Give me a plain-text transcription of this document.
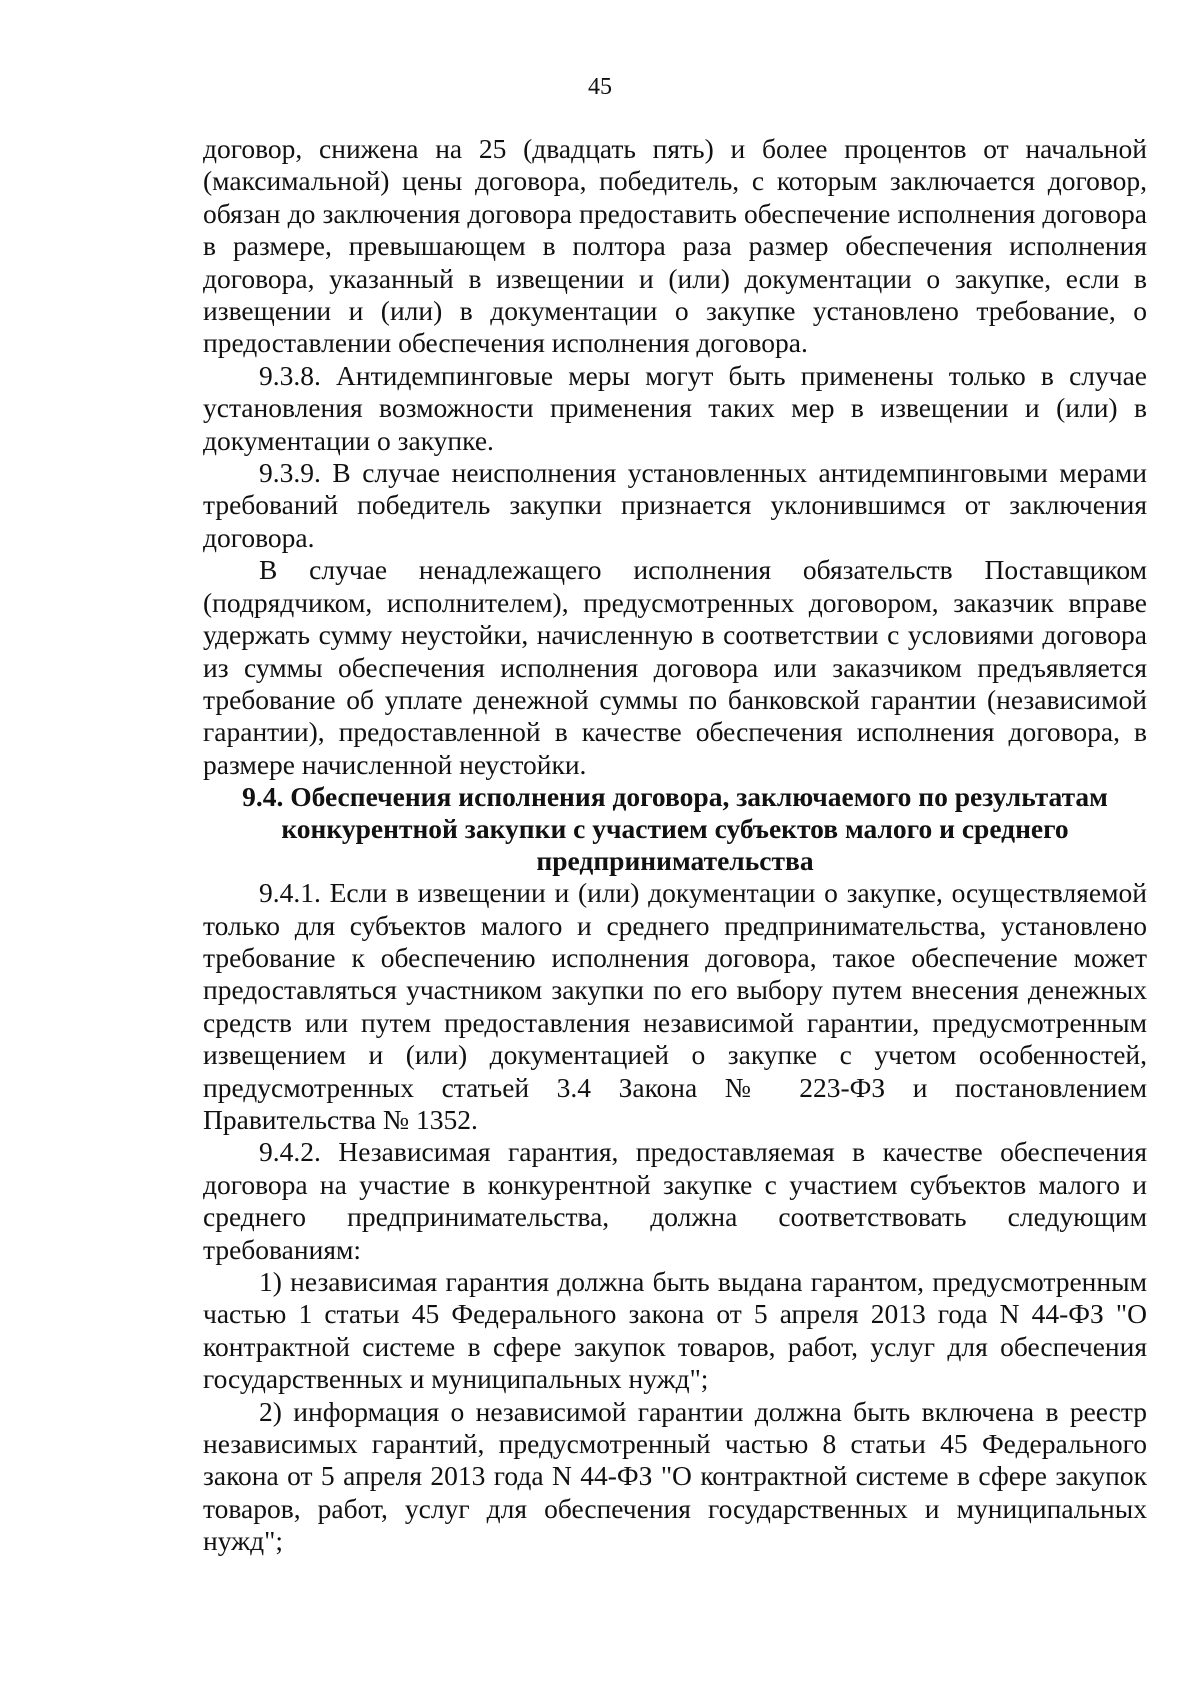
45

договор, снижена на 25 (двадцать пять) и более процентов от начальной (максимальной) цены договора, победитель, с которым заключается договор, обязан до заключения договора предоставить обеспечение исполнения договора в размере, превышающем в полтора раза размер обеспечения исполнения договора, указанный в извещении и (или) документации о закупке, если в извещении и (или) в документации о закупке установлено требование, о предоставлении обеспечения исполнения договора.

9.3.8. Антидемпинговые меры могут быть применены только в случае установления возможности применения таких мер в извещении и (или) в документации о закупке.

9.3.9. В случае неисполнения установленных антидемпинговыми мерами требований победитель закупки признается уклонившимся от заключения договора.

В случае ненадлежащего исполнения обязательств Поставщиком (подрядчиком, исполнителем), предусмотренных договором, заказчик вправе удержать сумму неустойки, начисленную в соответствии с условиями договора из суммы обеспечения исполнения договора или заказчиком предъявляется требование об уплате денежной суммы по банковской гарантии (независимой гарантии), предоставленной в качестве обеспечения исполнения договора, в размере начисленной неустойки.

9.4. Обеспечения исполнения договора, заключаемого по результатам конкурентной закупки с участием субъектов малого и среднего предпринимательства

9.4.1. Если в извещении и (или) документации о закупке, осуществляемой только для субъектов малого и среднего предпринимательства, установлено требование к обеспечению исполнения договора, такое обеспечение может предоставляться участником закупки по его выбору путем внесения денежных средств или путем предоставления независимой гарантии, предусмотренным извещением и (или) документацией о закупке с учетом особенностей, предусмотренных статьей 3.4 Закона № 223-ФЗ и постановлением Правительства № 1352.

9.4.2. Независимая гарантия, предоставляемая в качестве обеспечения договора на участие в конкурентной закупке с участием субъектов малого и среднего предпринимательства, должна соответствовать следующим требованиям:

1) независимая гарантия должна быть выдана гарантом, предусмотренным частью 1 статьи 45 Федерального закона от 5 апреля 2013 года N 44-ФЗ "О контрактной системе в сфере закупок товаров, работ, услуг для обеспечения государственных и муниципальных нужд";

2) информация о независимой гарантии должна быть включена в реестр независимых гарантий, предусмотренный частью 8 статьи 45 Федерального закона от 5 апреля 2013 года N 44-ФЗ "О контрактной системе в сфере закупок товаров, работ, услуг для обеспечения государственных и муниципальных нужд";
